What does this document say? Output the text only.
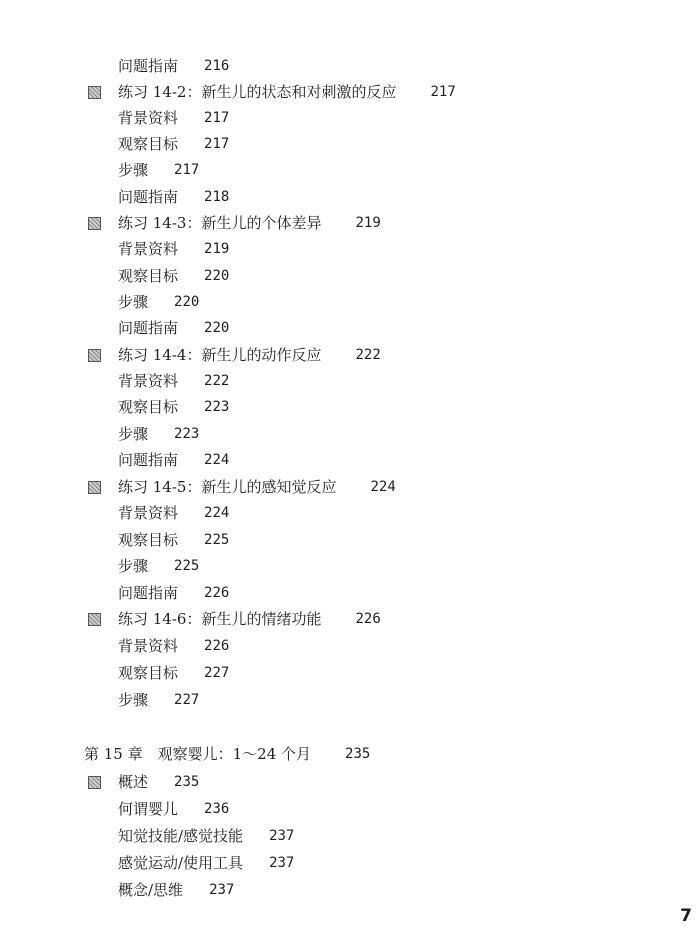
问题指南 216
练习 14-2：新生儿的状态和对刺激的反应 217
背景资料 217
观察目标 217
步骤 217
问题指南 218
练习 14-3：新生儿的个体差异 219
背景资料 219
观察目标 220
步骤 220
问题指南 220
练习 14-4：新生儿的动作反应 222
背景资料 222
观察目标 223
步骤 223
问题指南 224
练习 14-5：新生儿的感知觉反应 224
背景资料 224
观察目标 225
步骤 225
问题指南 226
练习 14-6：新生儿的情绪功能 226
背景资料 226
观察目标 227
步骤 227
第 15 章　观察婴儿：1～24 个月 235
概述 235
何谓婴儿 236
知觉技能/感觉技能 237
感觉运动/使用工具 237
概念/思维 237
7
